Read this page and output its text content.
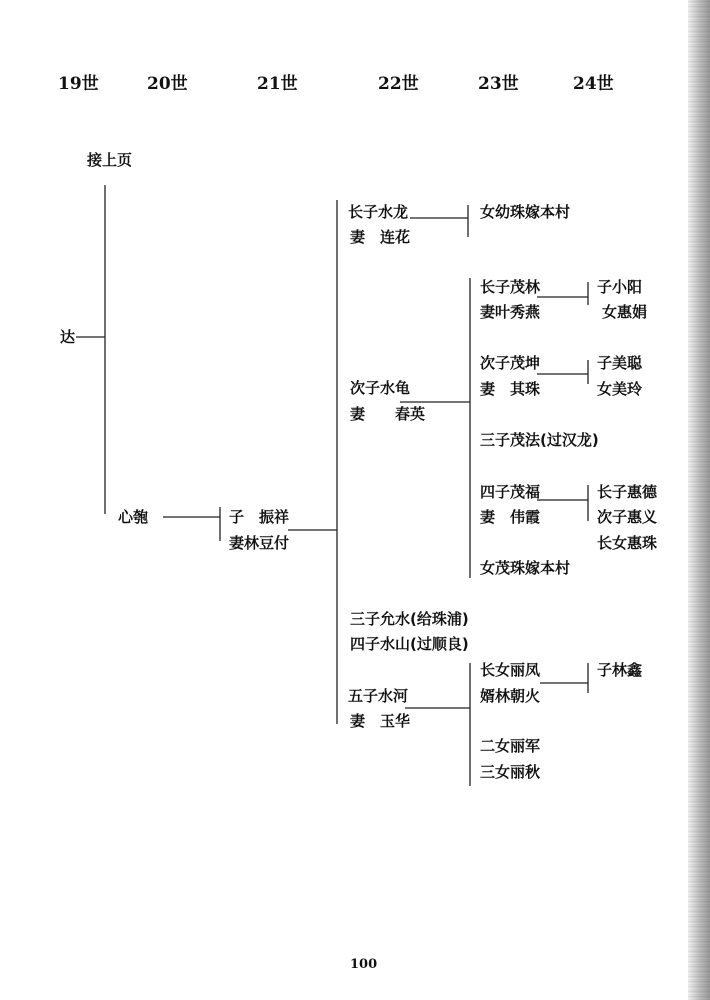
19世	20世	21世	22世	23世	24世
接上页
达
心匏	子　振祥
妻林豆付
长子水龙
妻　连花
次子水龟
妻　　春英
三子允水(给珠浦)
四子水山(过顺良)
五子水河
妻　玉华
女幼珠嫁本村
长子茂林
妻叶秀燕
次子茂坤
妻　其珠
三子茂法(过汉龙)
四子茂福
妻　伟霞
女茂珠嫁本村
长女丽凤
婿林朝火
二女丽军
三女丽秋
子小阳
女惠娟
子美聪
女美玲
长子惠德
次子惠义
长女惠珠
子林鑫
100
